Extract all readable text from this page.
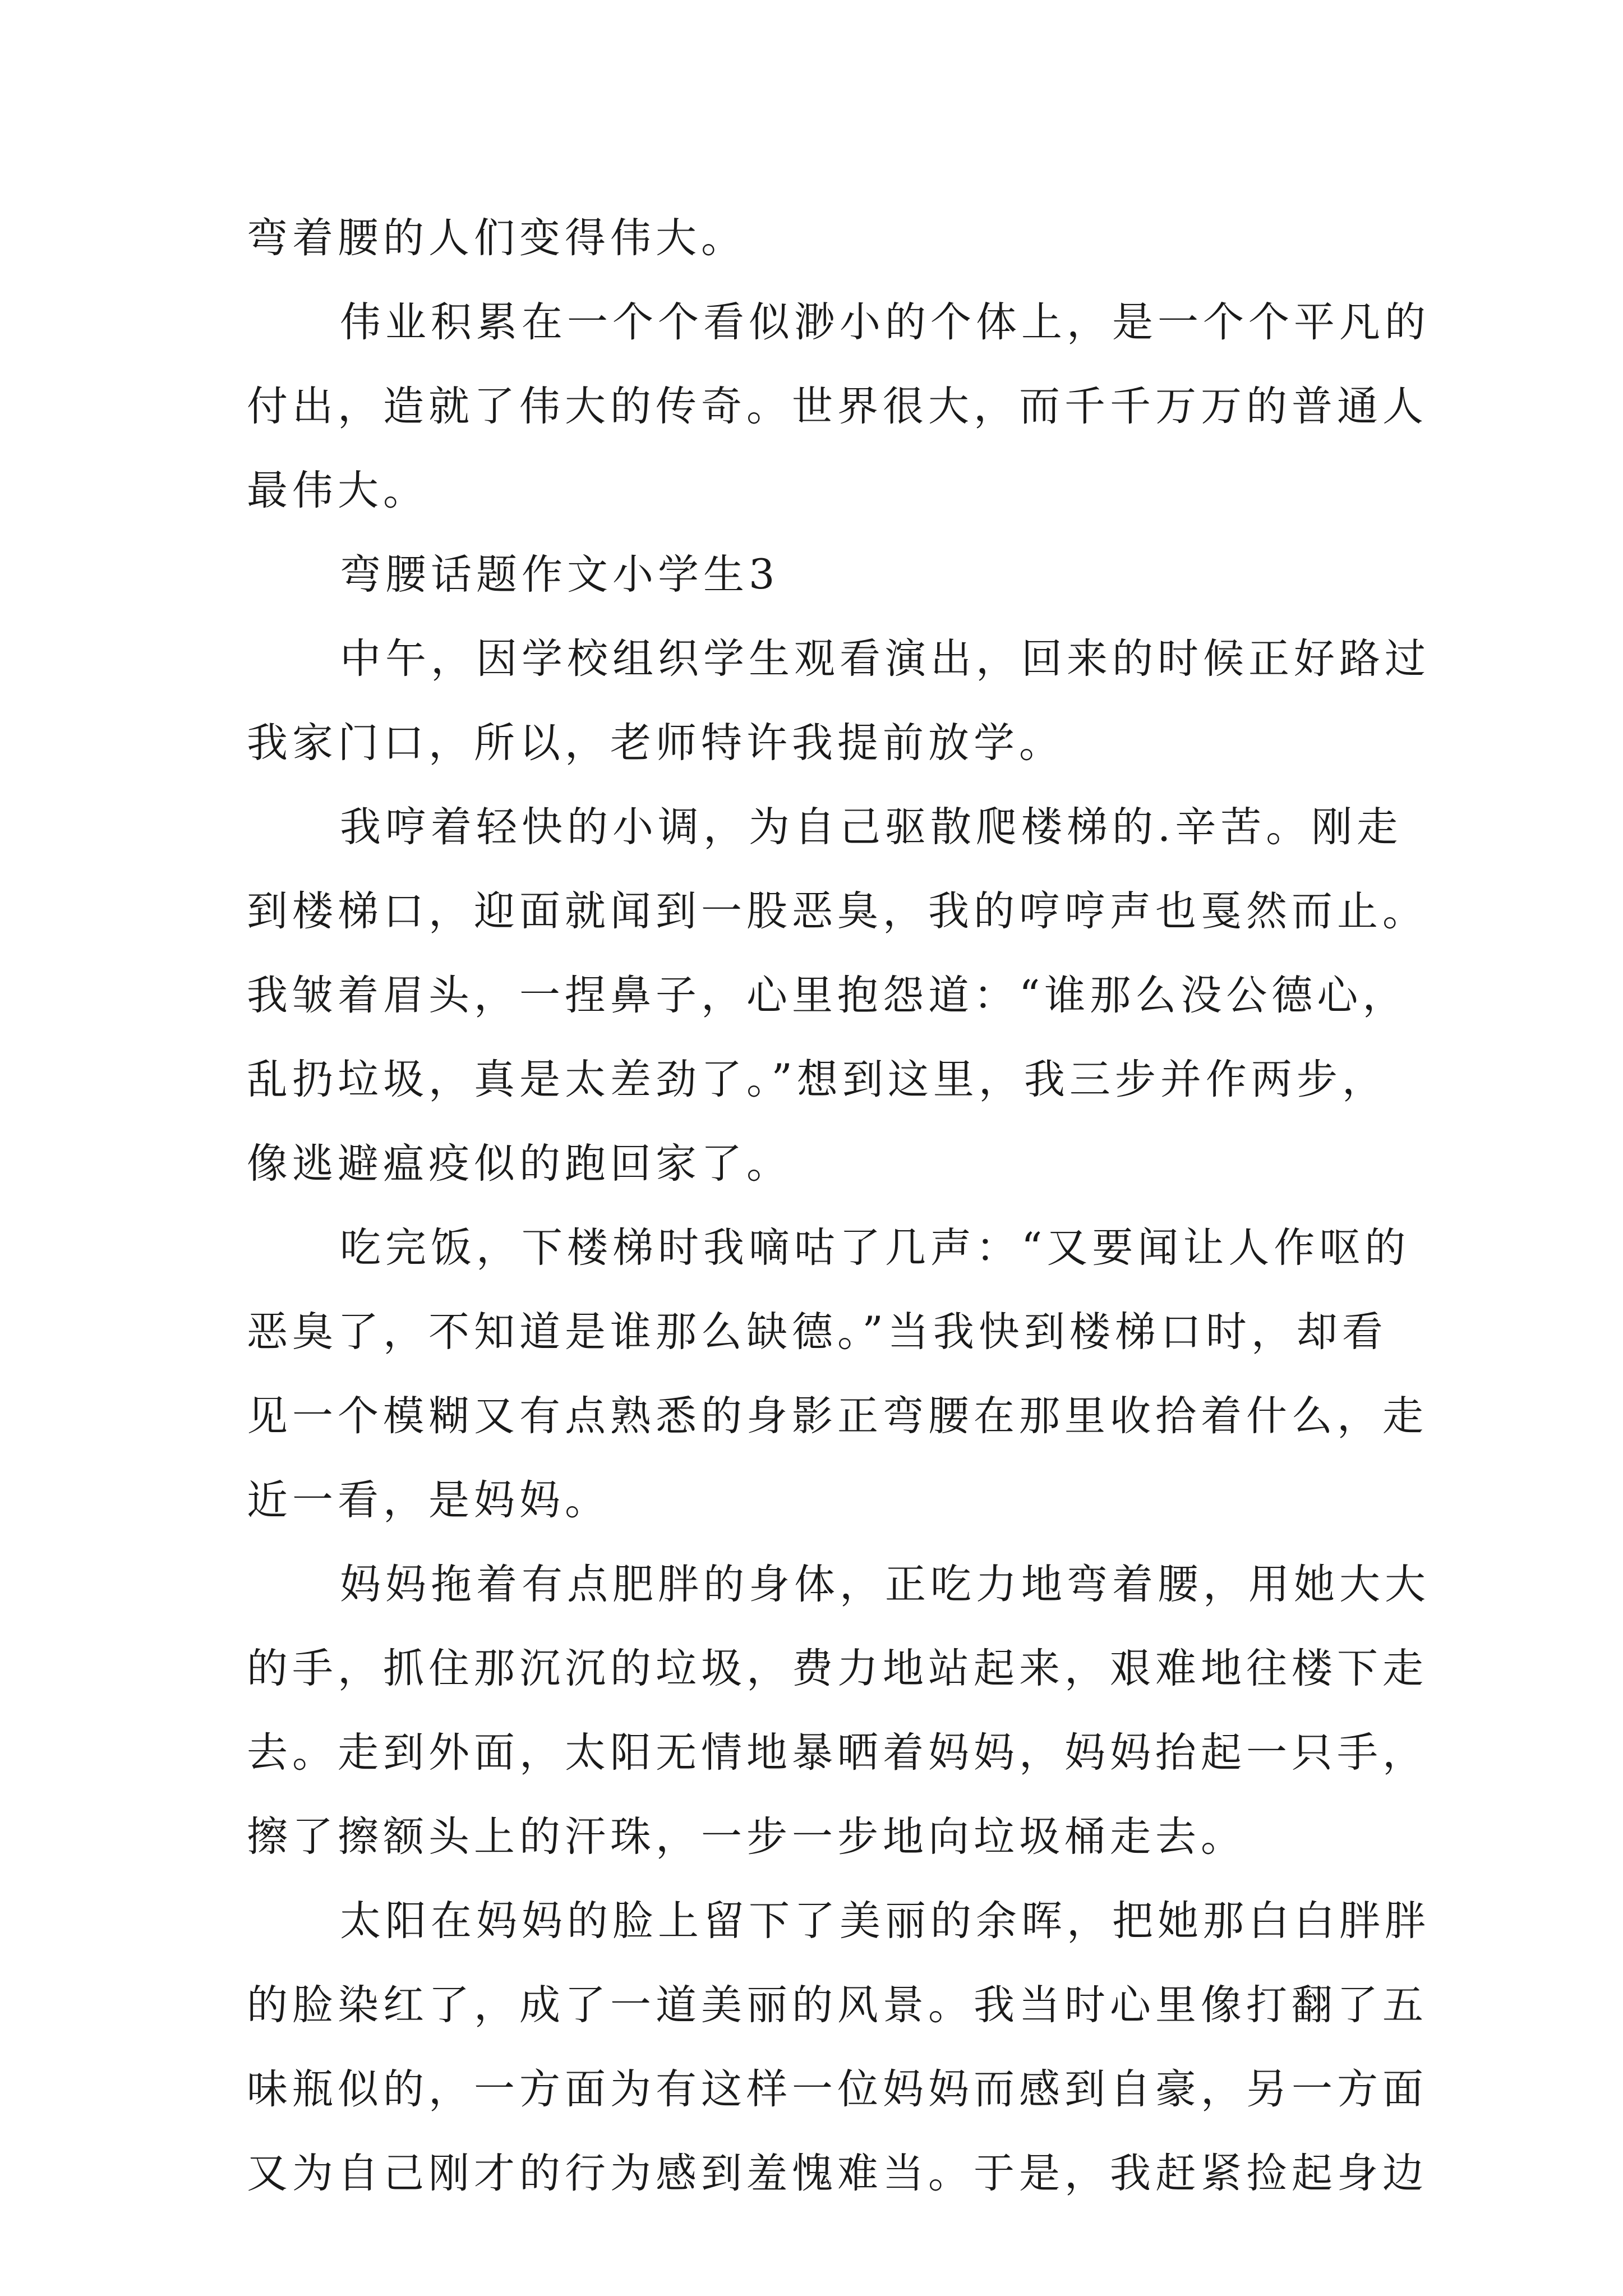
弯着腰的人们变得伟大。
伟业积累在一个个看似渺小的个体上，是一个个平凡的
付出，造就了伟大的传奇。世界很大，而千千万万的普通人
最伟大。
弯腰话题作文小学生3
中午，因学校组织学生观看演出，回来的时候正好路过
我家门口，所以，老师特许我提前放学。
我哼着轻快的小调，为自己驱散爬楼梯的.辛苦。刚走
到楼梯口，迎面就闻到一股恶臭，我的哼哼声也戛然而止。
我皱着眉头，一捏鼻子，心里抱怨道：“谁那么没公德心，
乱扔垃圾，真是太差劲了。”想到这里，我三步并作两步，
像逃避瘟疫似的跑回家了。
吃完饭，下楼梯时我嘀咕了几声：“又要闻让人作呕的
恶臭了，不知道是谁那么缺德。”当我快到楼梯口时，却看
见一个模糊又有点熟悉的身影正弯腰在那里收拾着什么，走
近一看，是妈妈。
妈妈拖着有点肥胖的身体，正吃力地弯着腰，用她大大
的手，抓住那沉沉的垃圾，费力地站起来，艰难地往楼下走
去。走到外面，太阳无情地暴晒着妈妈，妈妈抬起一只手，
擦了擦额头上的汗珠，一步一步地向垃圾桶走去。
太阳在妈妈的脸上留下了美丽的余晖，把她那白白胖胖
的脸染红了，成了一道美丽的风景。我当时心里像打翻了五
味瓶似的，一方面为有这样一位妈妈而感到自豪，另一方面
又为自己刚才的行为感到羞愧难当。于是，我赶紧捡起身边
